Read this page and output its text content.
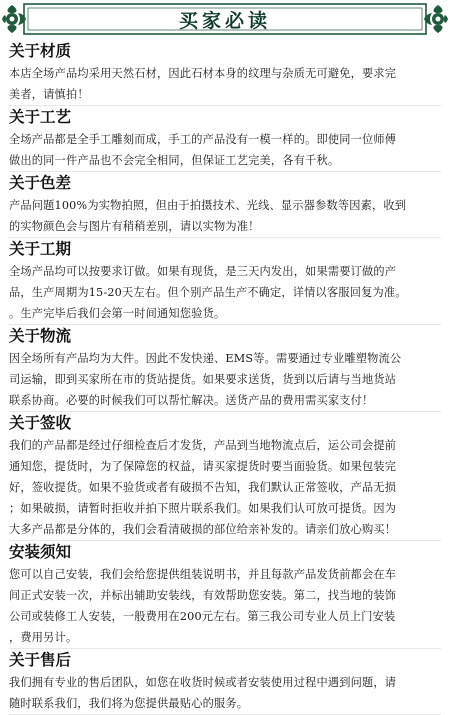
买家必读
关于材质
本店全场产品均采用天然石材，因此石材本身的纹理与杂质无可避免，要求完
美者，请慎拍！
关于工艺
全场产品都是全手工雕刻而成，手工的产品没有一模一样的。即使同一位师傅
做出的同一件产品也不会完全相同，但保证工艺完美，各有千秋。
关于色差
产品问题100%为实物拍照，但由于拍摄技术、光线、显示器参数等因素，收到
的实物颜色会与图片有稍稍差别，请以实物为准！
关于工期
全场产品均可以按要求订做。如果有现货，是三天内发出，如果需要订做的产
品，生产周期为15-20天左右。但个别产品生产不确定，详情以客服回复为准。
。生产完毕后我们会第一时间通知您验货。
关于物流
因全场所有产品均为大件。因此不发快递、EMS等。需要通过专业雕塑物流公
司运输，即到买家所在市的货站提货。如果要求送货，货到以后请与当地货站
联系协商。必要的时候我们可以帮忙解决。送货产品的费用需买家支付！
关于签收
我们的产品都是经过仔细检查后才发货，产品到当地物流点后，运公司会提前
通知您，提货时，为了保障您的权益，请买家提货时要当面验货。如果包装完
好，签收提货。如果不验货或者有破损不告知，我们默认正常签收，产品无损
；如果破损，请暂时拒收并拍下照片联系我们。如果我们认可放可提货。因为
大多产品都是分体的，我们会看清破损的部位给亲补发的。请亲们放心购买！
安装须知
您可以自己安装，我们会给您提供组装说明书，并且每款产品发货前都会在车
间正式安装一次，并标出辅助安装线，有效帮助您安装。第二，找当地的装饰
公司或装修工人安装，一般费用在200元左右。第三我公司专业人员上门安装
，费用另计。
关于售后
我们拥有专业的售后团队，如您在收货时候或者安装使用过程中遇到问题，请
随时联系我们，我们将为您提供最贴心的服务。
